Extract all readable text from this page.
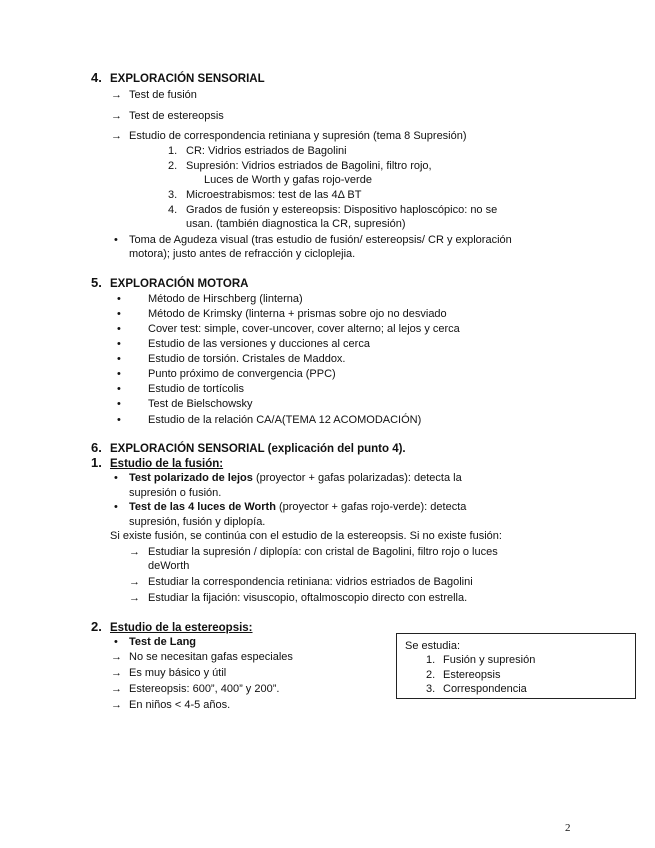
4. EXPLORACIÓN SENSORIAL
→ Test de fusión
→ Test de estereopsis
→ Estudio de correspondencia retiniana y supresión (tema 8 Supresión)
1. CR: Vidrios estriados de Bagolini
2. Supresión: Vidrios estriados de Bagolini, filtro rojo,
Luces de Worth y gafas rojo-verde
3. Microestrabismos: test de las 4Δ BT
4. Grados de fusión y estereopsis: Dispositivo haploscópico: no se
usan. (también diagnostica la CR, supresión)
• Toma de Agudeza visual (tras estudio de fusión/ estereopsis/ CR y exploración
motora); justo antes de refracción y cicloplejia.
5. EXPLORACIÓN MOTORA
• Método de Hirschberg (linterna)
• Método de Krimsky (linterna + prismas sobre ojo no desviado
• Cover test: simple, cover-uncover, cover alterno; al lejos y cerca
• Estudio de las versiones y ducciones al cerca
• Estudio de torsión. Cristales de Maddox.
• Punto próximo de convergencia (PPC)
• Estudio de tortícolis
• Test de Bielschowsky
• Estudio de la relación CA/A(TEMA 12 ACOMODACIÓN)
6. EXPLORACIÓN SENSORIAL (explicación del punto 4).
1. Estudio de la fusión:
• Test polarizado de lejos (proyector + gafas polarizadas): detecta la
supresión o fusión.
• Test de las 4 luces de Worth (proyector + gafas rojo-verde): detecta
supresión, fusión y diplopía.
Si existe fusión, se continúa con el estudio de la estereopsis. Si no existe fusión:
→ Estudiar la supresión / diplopía: con cristal de Bagolini, filtro rojo o luces
deWorth
→ Estudiar la correspondencia retiniana: vidrios estriados de Bagolini
→ Estudiar la fijación: visuscopio, oftalmoscopio directo con estrella.
2. Estudio de la estereopsis:
• Test de Lang
→ No se necesitan gafas especiales
→ Es muy básico y útil
→ Estereopsis: 600”, 400” y 200”.
→ En niños < 4-5 años.
Se estudia:
1. Fusión y supresión
2. Estereopsis
3. Correspondencia
2
